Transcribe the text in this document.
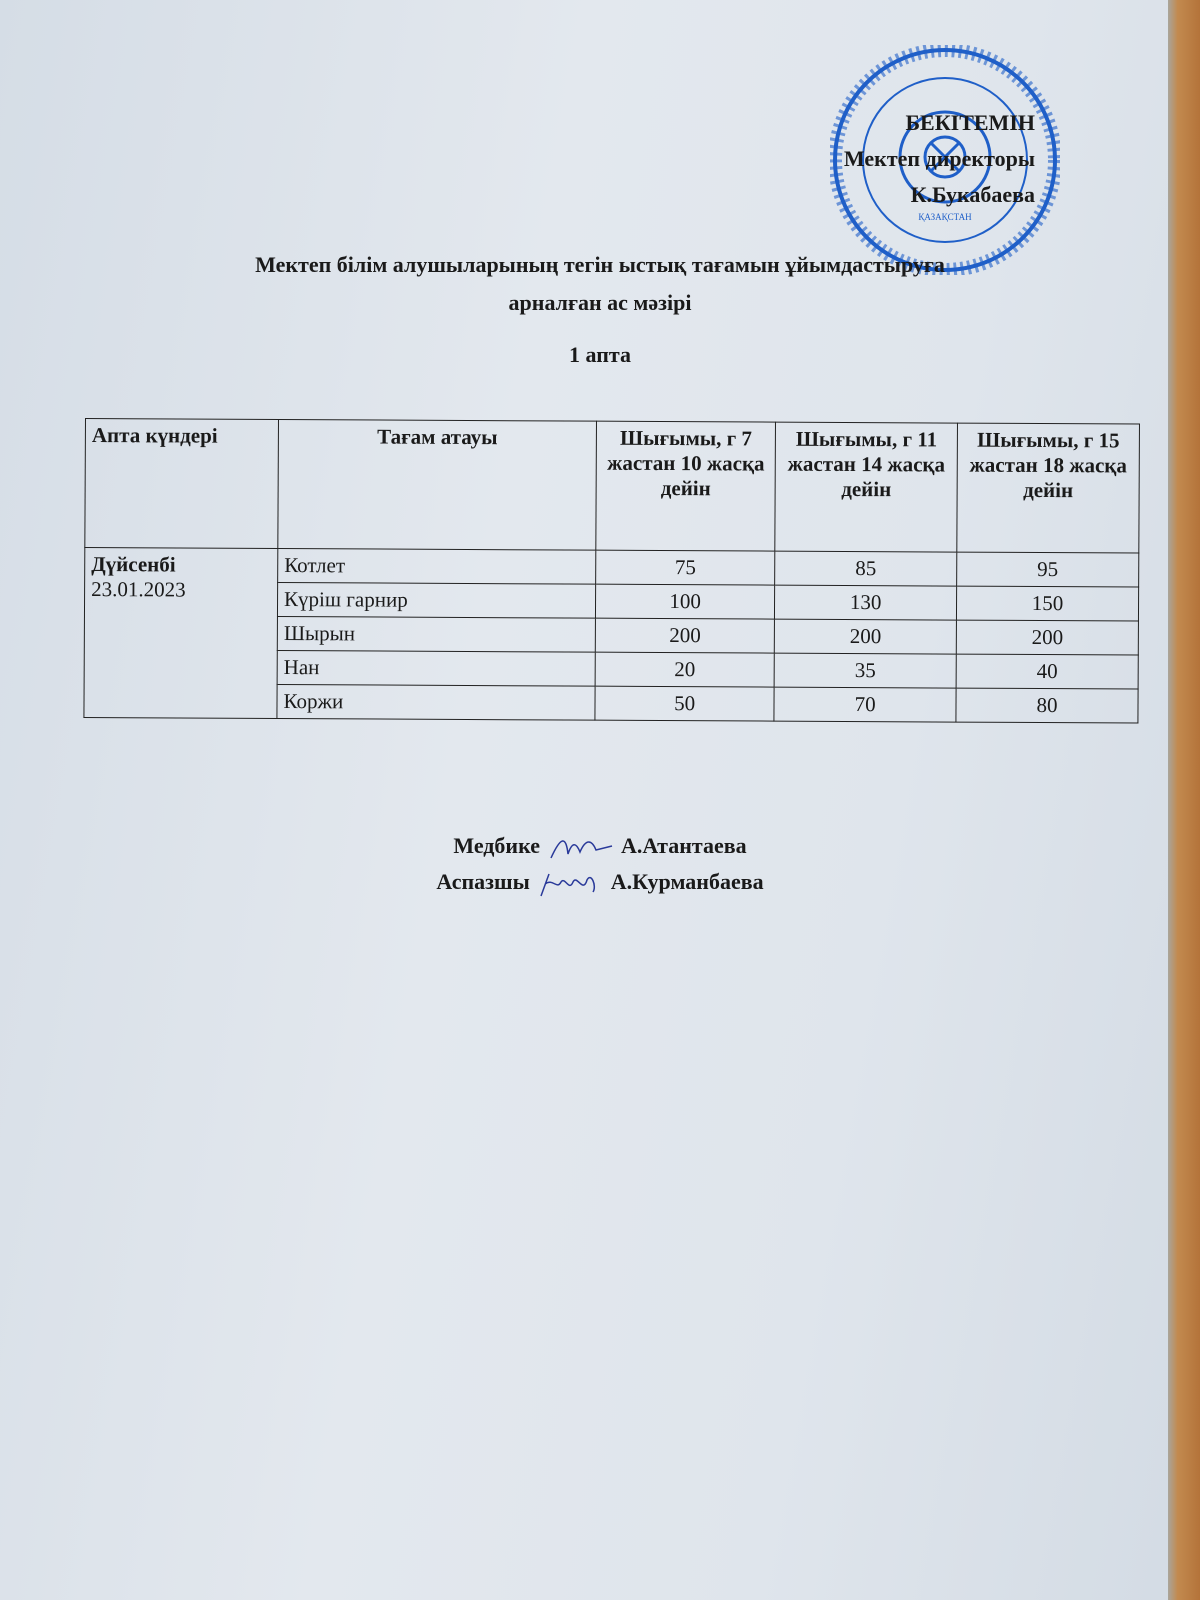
ҚАЗАҚСТАН
БЕКІТЕМІН
Мектеп директоры
К.Букабаева
Мектеп білім алушыларының тегін ыстық тағамын ұйымдастыруға
арналған ас мәзірі
1 апта
Апта күндері	Тағам атауы	Шығымы, г 7 жастан 10 жасқа дейін	Шығымы, г 11 жастан 14 жасқа дейін	Шығымы, г 15 жастан 18 жасқа дейін
Дүйсенбі
23.01.2023	Котлет	75	85	95
	Күріш гарнир	100	130	150
	Шырын	200	200	200
	Нан	20	35	40
	Коржи	50	70	80
Медбике	А.Атантаева
Аспазшы	А.Курманбаева
